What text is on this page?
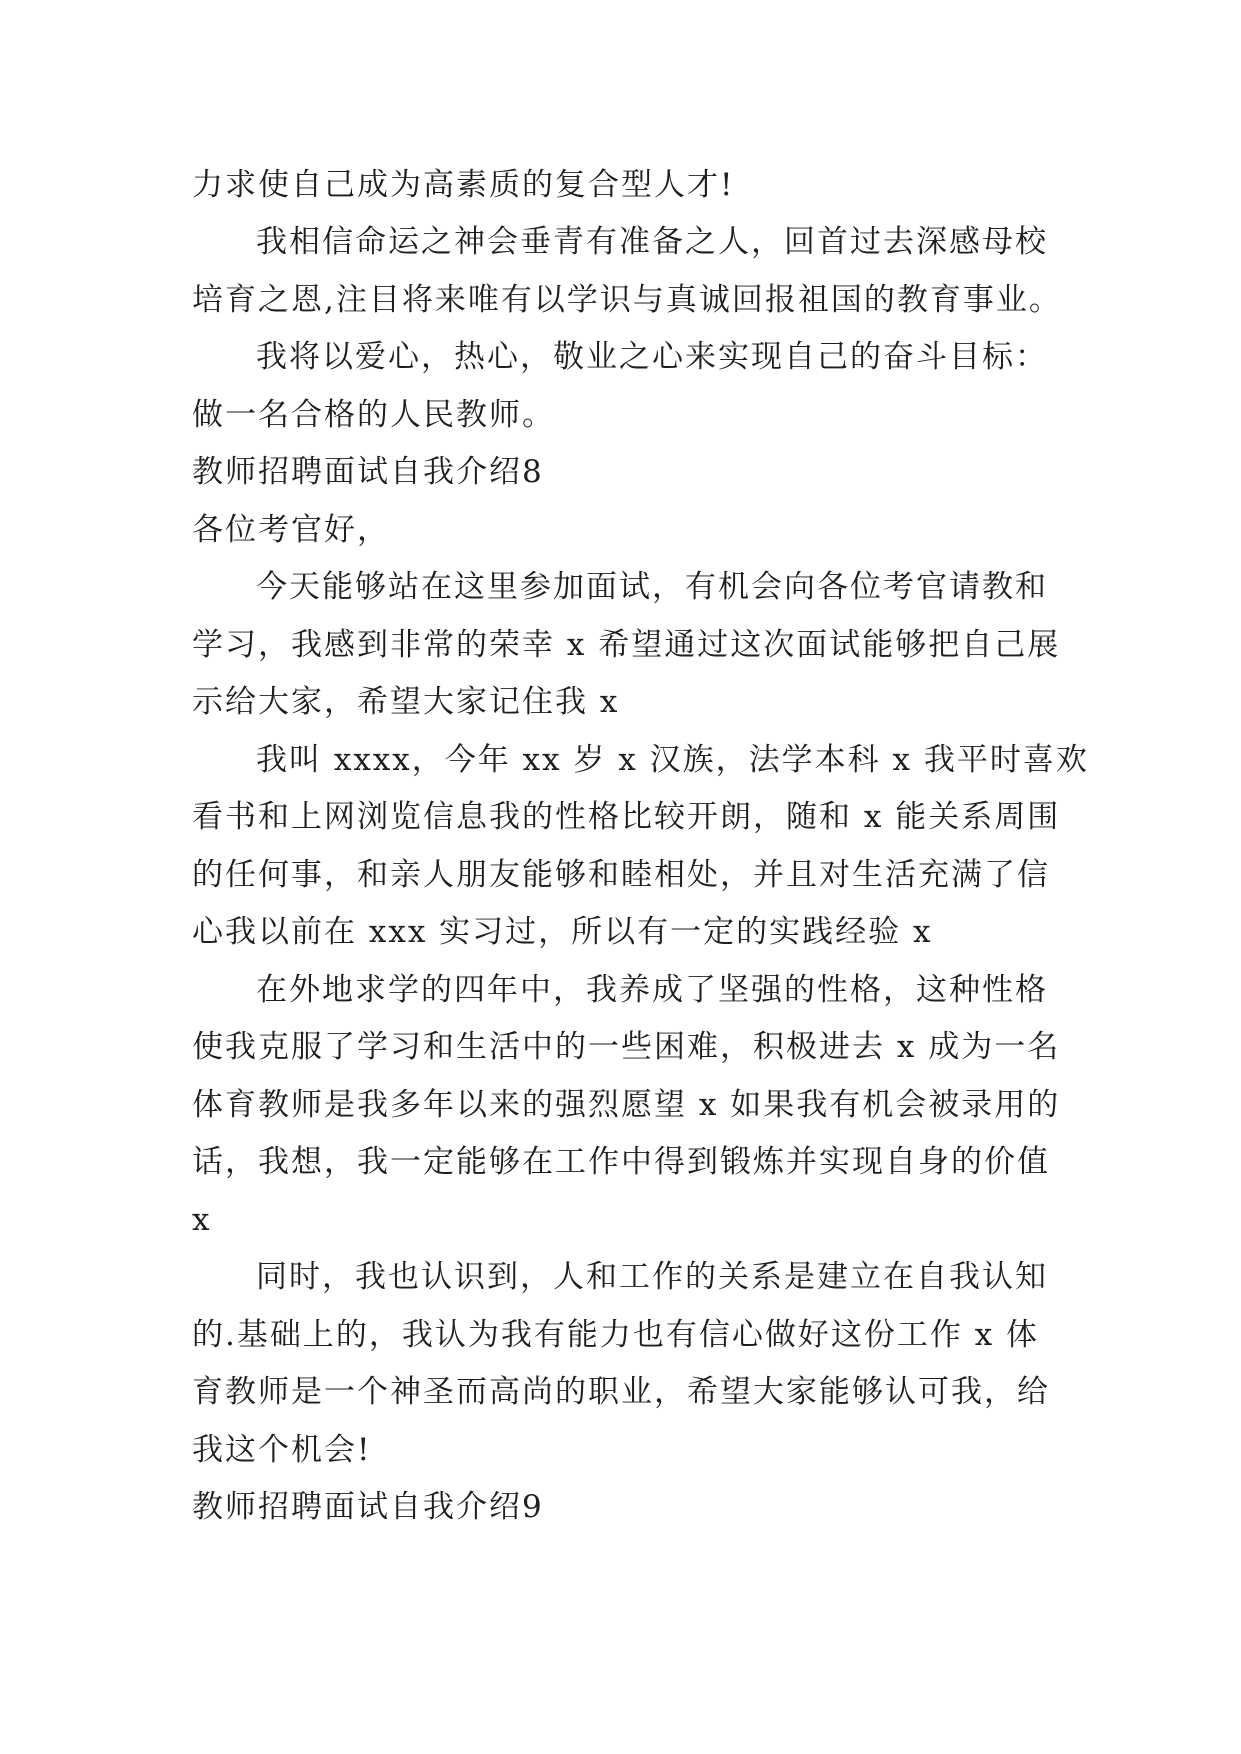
力求使自己成为高素质的复合型人才!
我相信命运之神会垂青有准备之人，回首过去深感母校
培育之恩,注目将来唯有以学识与真诚回报祖国的教育事业。
我将以爱心，热心，敬业之心来实现自己的奋斗目标：
做一名合格的人民教师。
教师招聘面试自我介绍8
各位考官好，
今天能够站在这里参加面试，有机会向各位考官请教和
学习，我感到非常的荣幸 x 希望通过这次面试能够把自己展
示给大家，希望大家记住我 x
我叫 xxxx，今年 xx 岁 x 汉族，法学本科 x 我平时喜欢
看书和上网浏览信息我的性格比较开朗，随和 x 能关系周围
的任何事，和亲人朋友能够和睦相处，并且对生活充满了信
心我以前在 xxx 实习过，所以有一定的实践经验 x
在外地求学的四年中，我养成了坚强的性格，这种性格
使我克服了学习和生活中的一些困难，积极进去 x 成为一名
体育教师是我多年以来的强烈愿望 x 如果我有机会被录用的
话，我想，我一定能够在工作中得到锻炼并实现自身的价值
x
同时，我也认识到，人和工作的关系是建立在自我认知
的.基础上的，我认为我有能力也有信心做好这份工作 x 体
育教师是一个神圣而高尚的职业，希望大家能够认可我，给
我这个机会!
教师招聘面试自我介绍9
